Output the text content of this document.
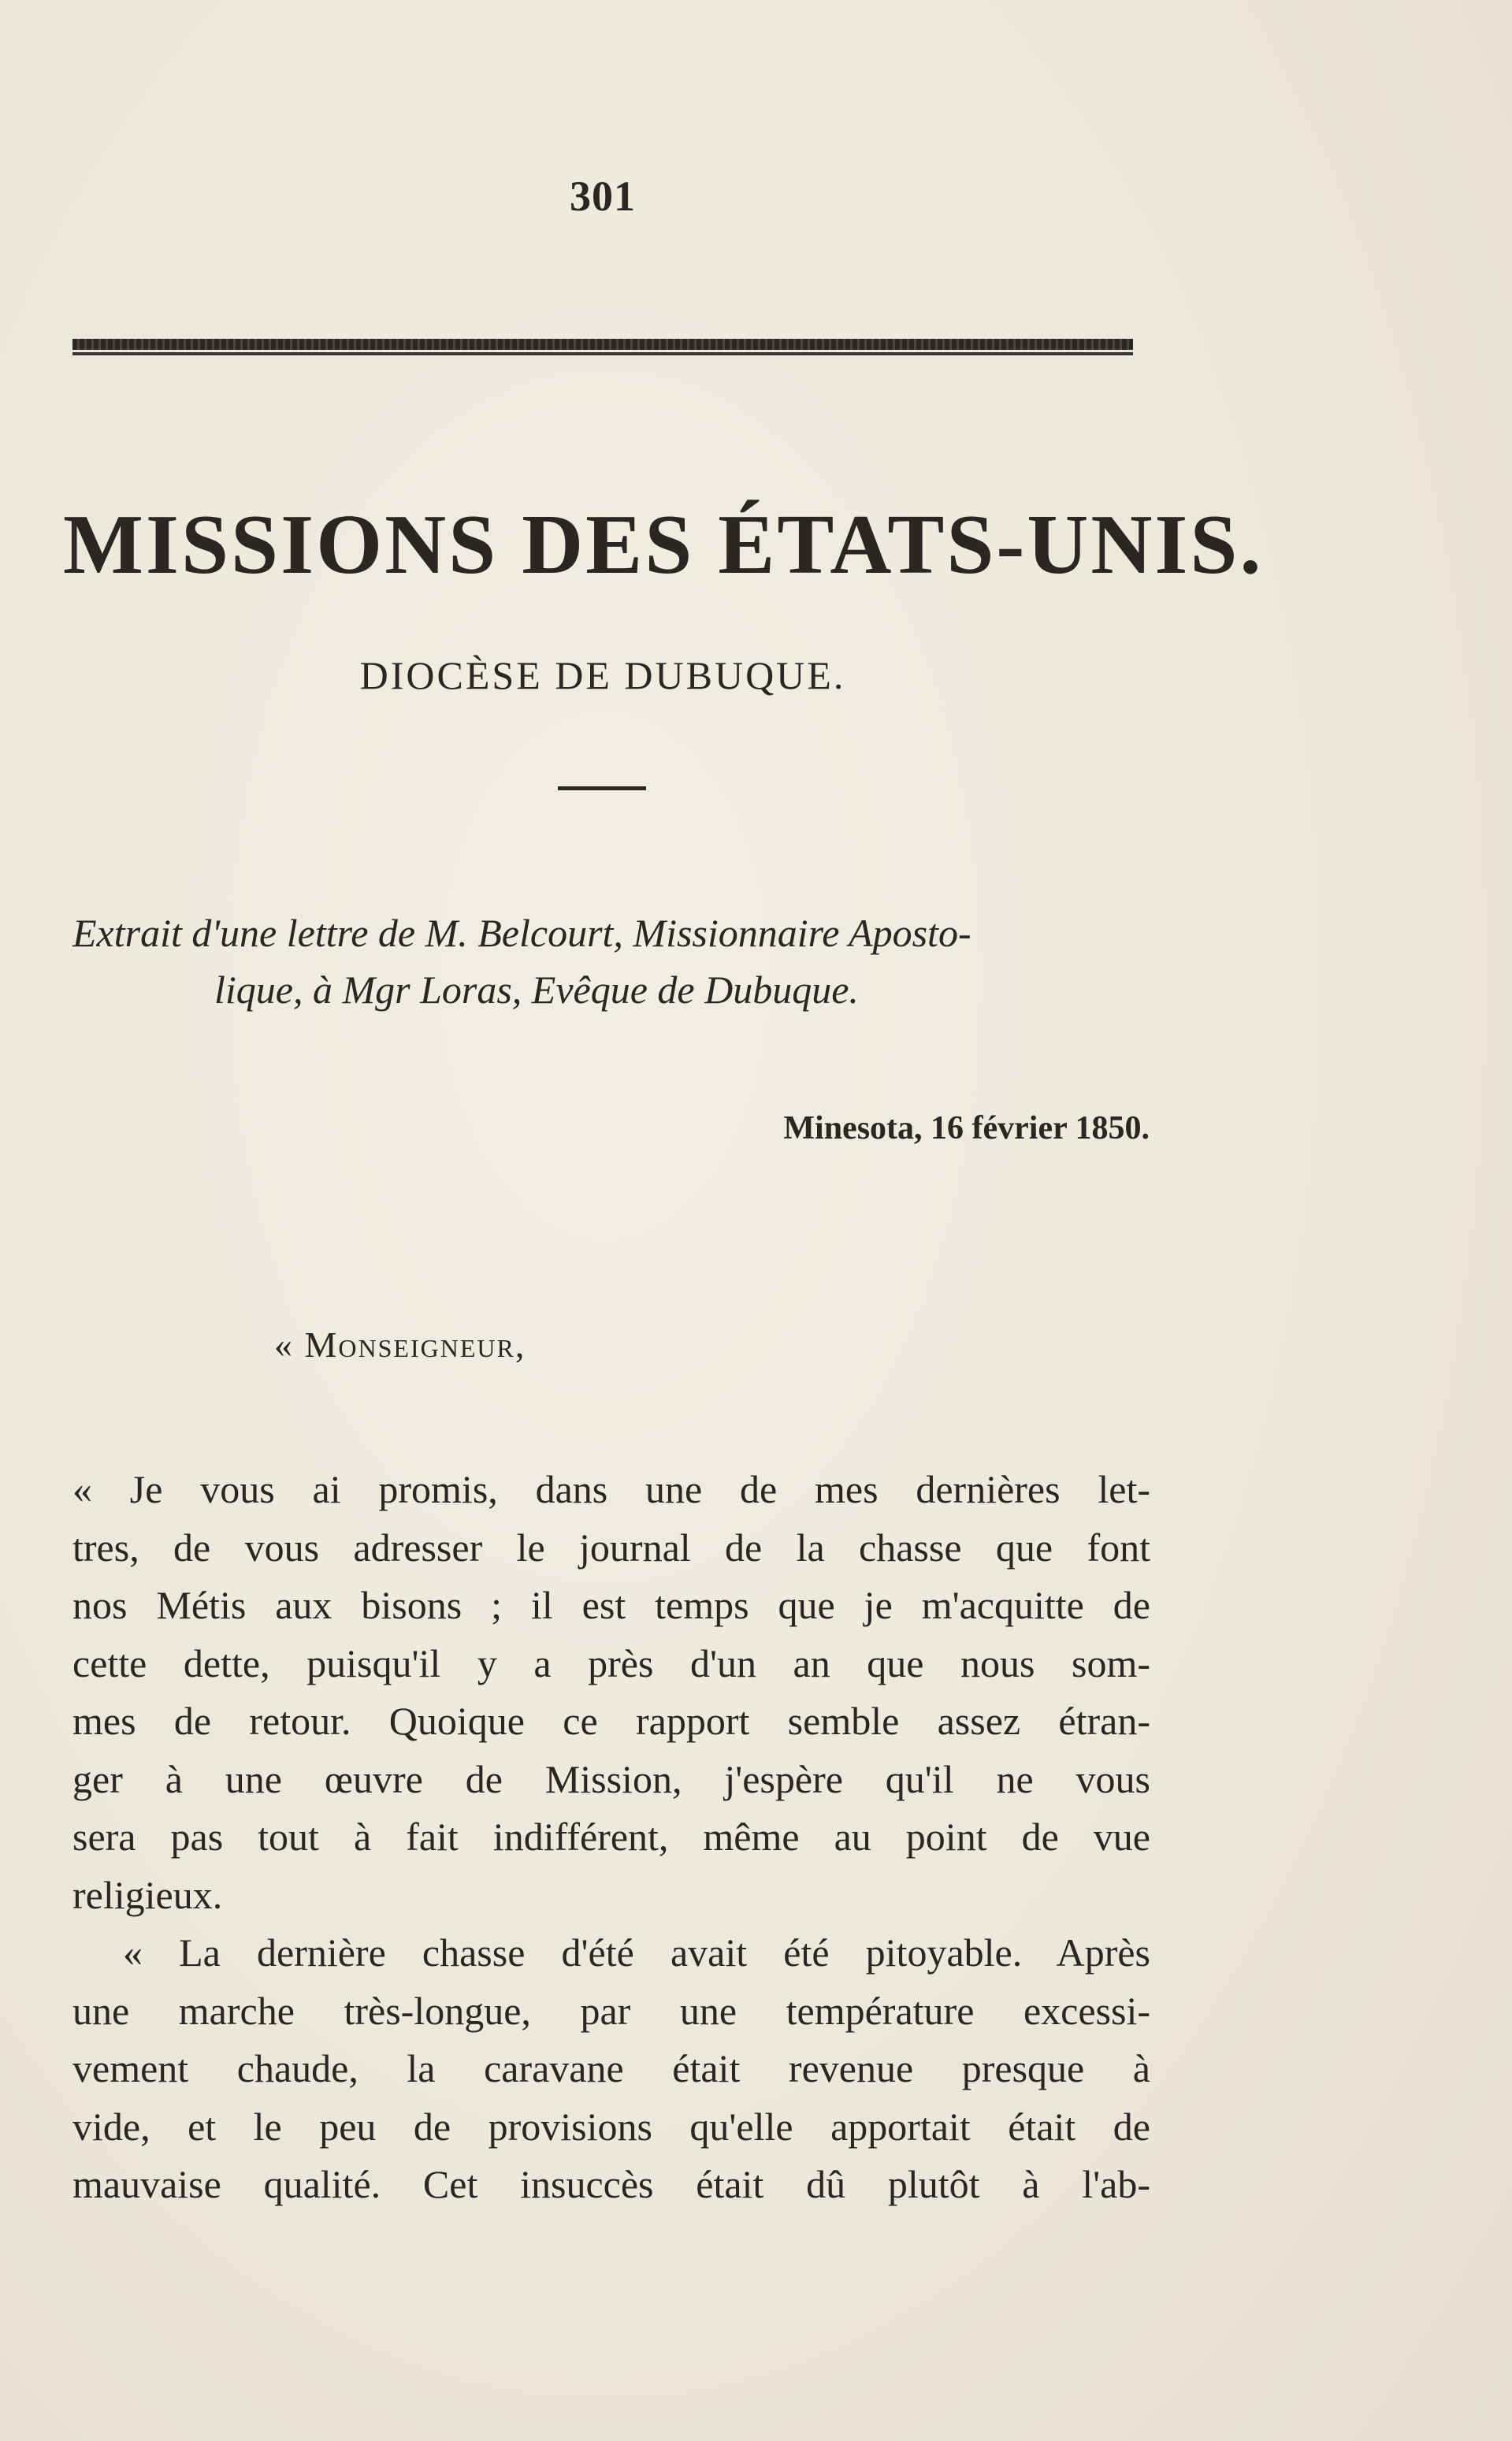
301
MISSIONS DES ÉTATS-UNIS.
DIOCÈSE DE DUBUQUE.
Extrait d'une lettre de M. Belcourt, Missionnaire Aposto-
lique, à Mgr Loras, Evêque de Dubuque.
Minesota, 16 février 1850.
« Monseigneur,
« Je vous ai promis, dans une de mes dernières let-
tres, de vous adresser le journal de la chasse que font
nos Métis aux bisons ; il est temps que je m'acquitte de
cette dette, puisqu'il y a près d'un an que nous som-
mes de retour. Quoique ce rapport semble assez étran-
ger à une œuvre de Mission, j'espère qu'il ne vous
sera pas tout à fait indifférent, même au point de vue
religieux.
« La dernière chasse d'été avait été pitoyable. Après
une marche très-longue, par une température excessi-
vement chaude, la caravane était revenue presque à
vide, et le peu de provisions qu'elle apportait était de
mauvaise qualité. Cet insuccès était dû plutôt à l'ab-
